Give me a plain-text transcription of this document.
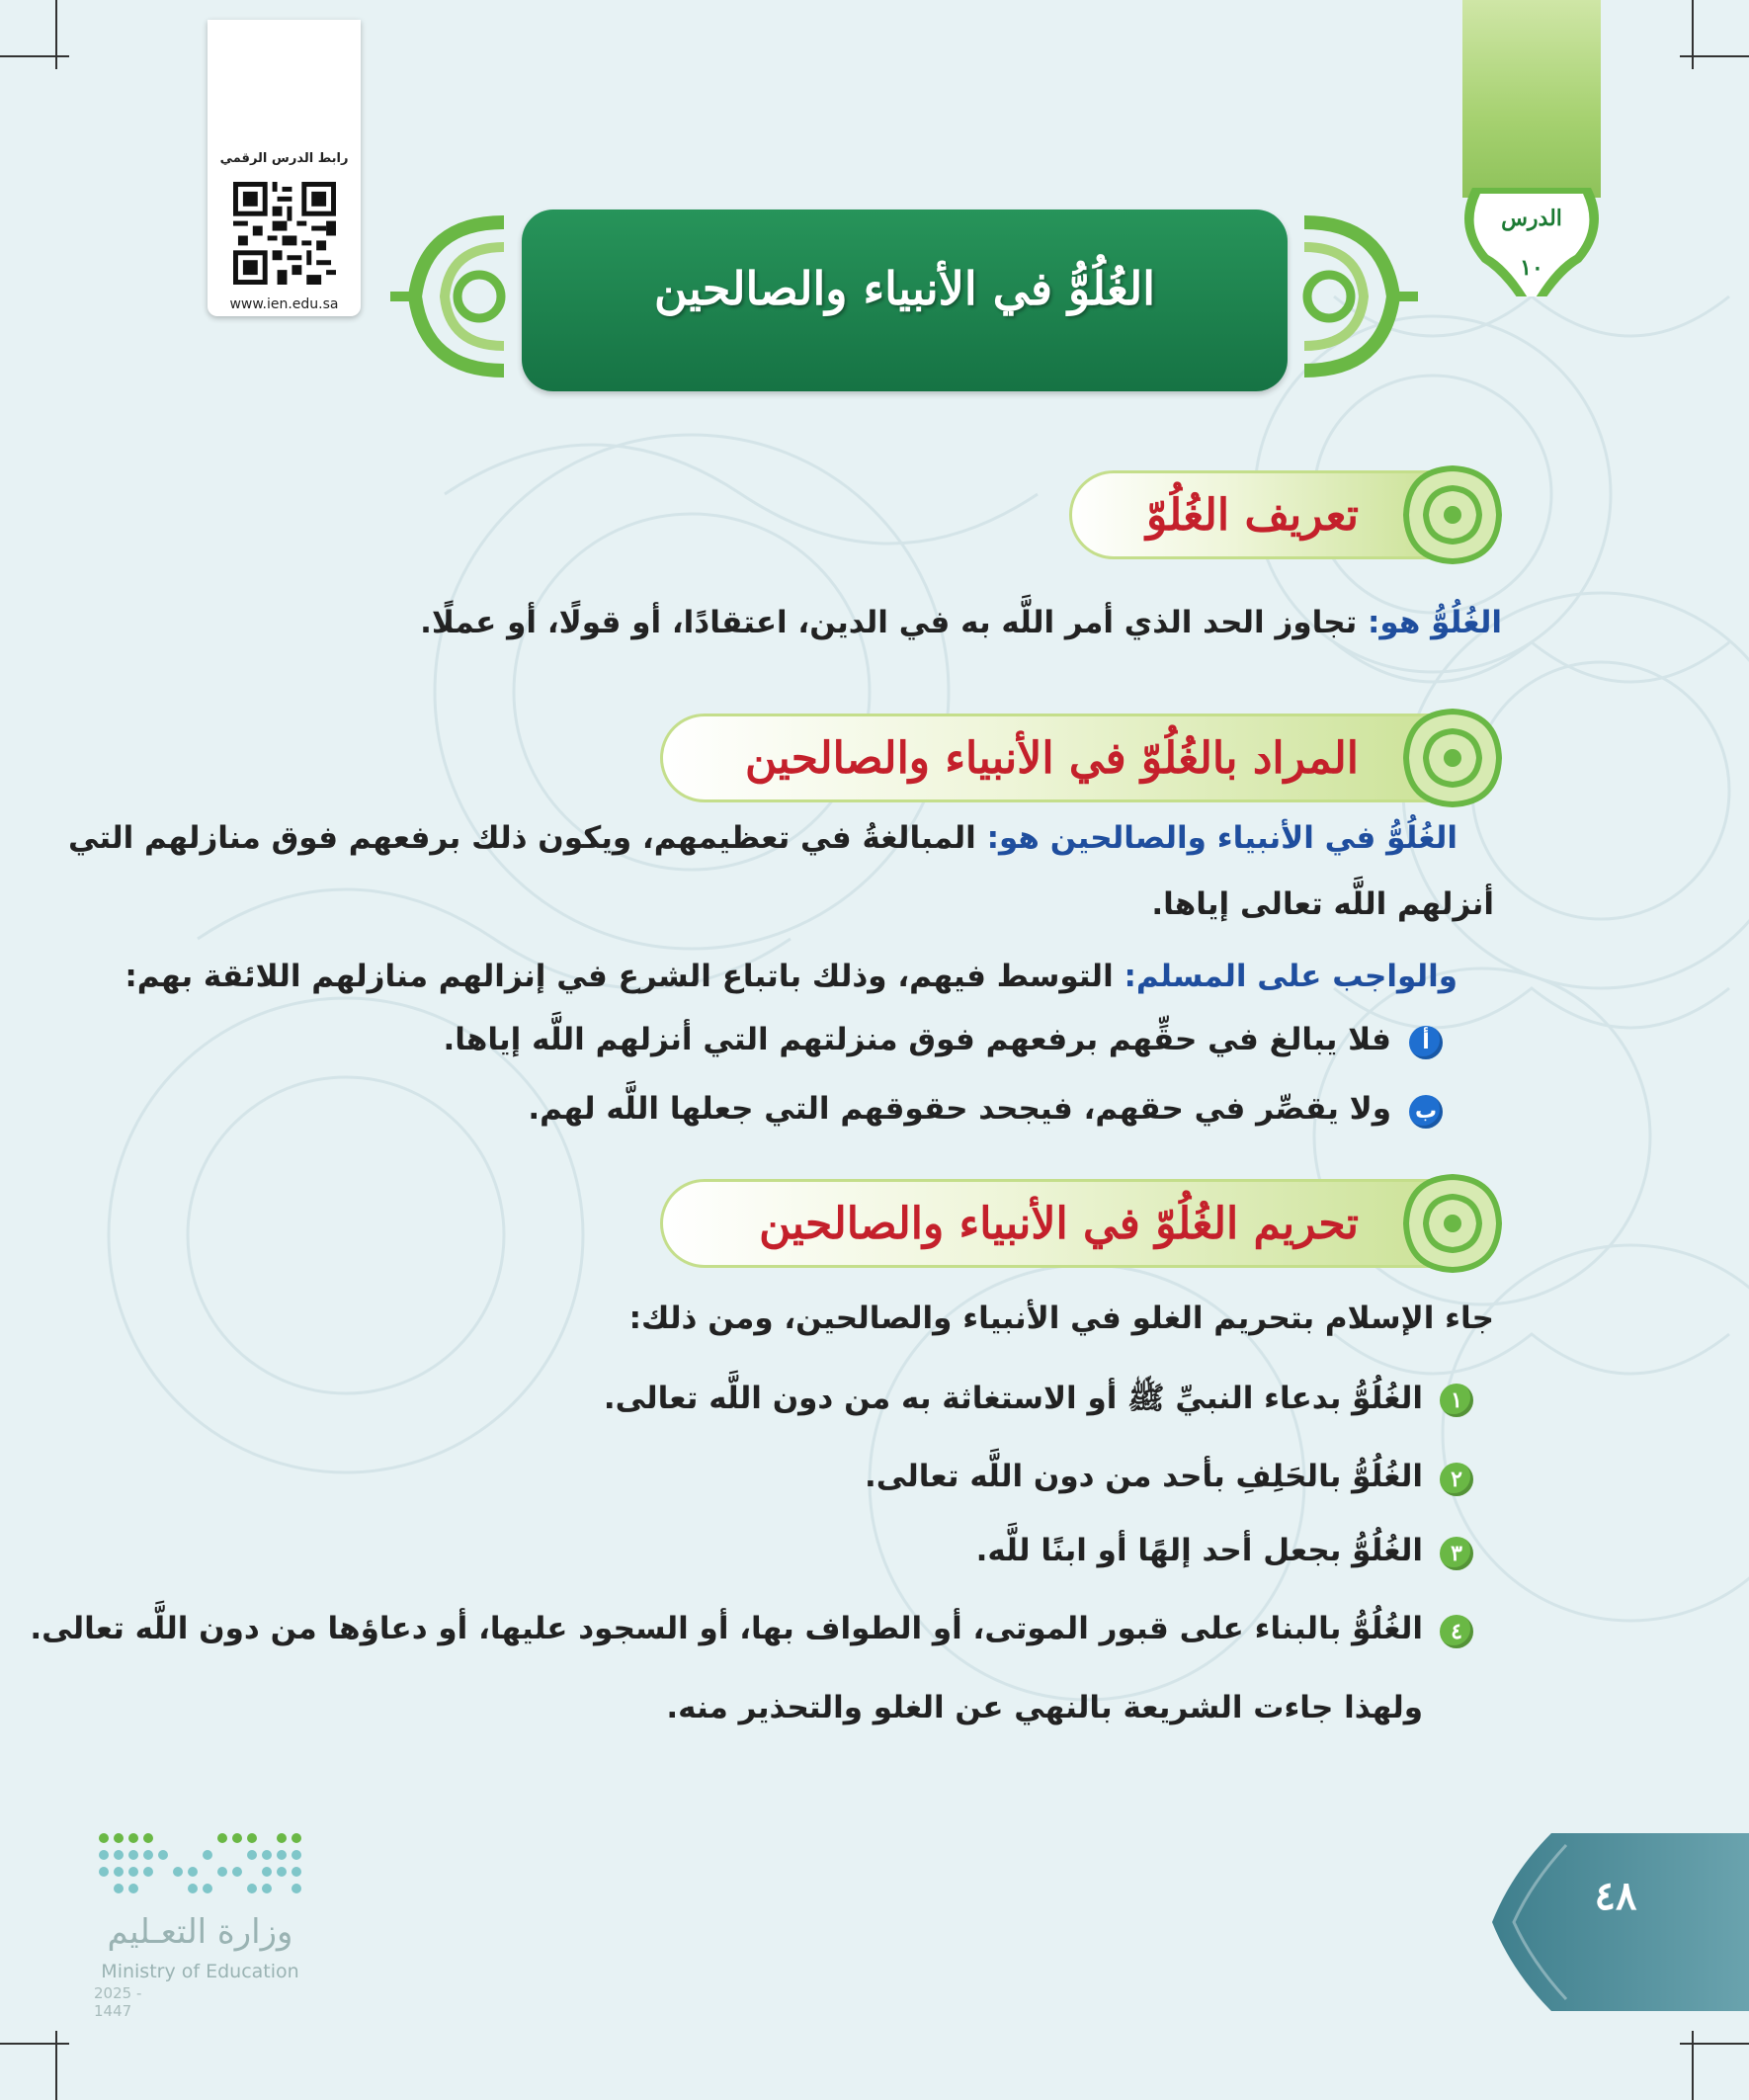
رابط الدرس الرقمي
www.ien.edu.sa
الدرس
١٠
الغُلُوُّ في الأنبياء والصالحين
تعريف الغُلُوّ
الغُلُوُّ هو: تجاوز الحد الذي أمر اللَّه به في الدين، اعتقادًا، أو قولًا، أو عملًا.
المراد بالغُلُوّ في الأنبياء والصالحين
الغُلُوُّ في الأنبياء والصالحين هو: المبالغةُ في تعظيمهم، ويكون ذلك برفعهم فوق منازلهم التي
أنزلهم اللَّه تعالى إياها.
والواجب على المسلم: التوسط فيهم، وذلك باتباع الشرع في إنزالهم منازلهم اللائقة بهم:
أ
فلا يبالغ في حقِّهم برفعهم فوق منزلتهم التي أنزلهم اللَّه إياها.
ب
ولا يقصِّر في حقهم، فيجحد حقوقهم التي جعلها اللَّه لهم.
تحريم الغُلُوّ في الأنبياء والصالحين
جاء الإسلام بتحريم الغلو في الأنبياء والصالحين، ومن ذلك:
١
الغُلُوُّ بدعاء النبيِّ ﷺ أو الاستغاثة به من دون اللَّه تعالى.
٢
الغُلُوُّ بالحَلِفِ بأحد من دون اللَّه تعالى.
٣
الغُلُوُّ بجعل أحد إلهًا أو ابنًا للَّه.
٤
الغُلُوُّ بالبناء على قبور الموتى، أو الطواف بها، أو السجود عليها، أو دعاؤها من دون اللَّه تعالى.
ولهذا جاءت الشريعة بالنهي عن الغلو والتحذير منه.
وزارة التعـليم
Ministry of Education
2025 - 1447
٤٨
